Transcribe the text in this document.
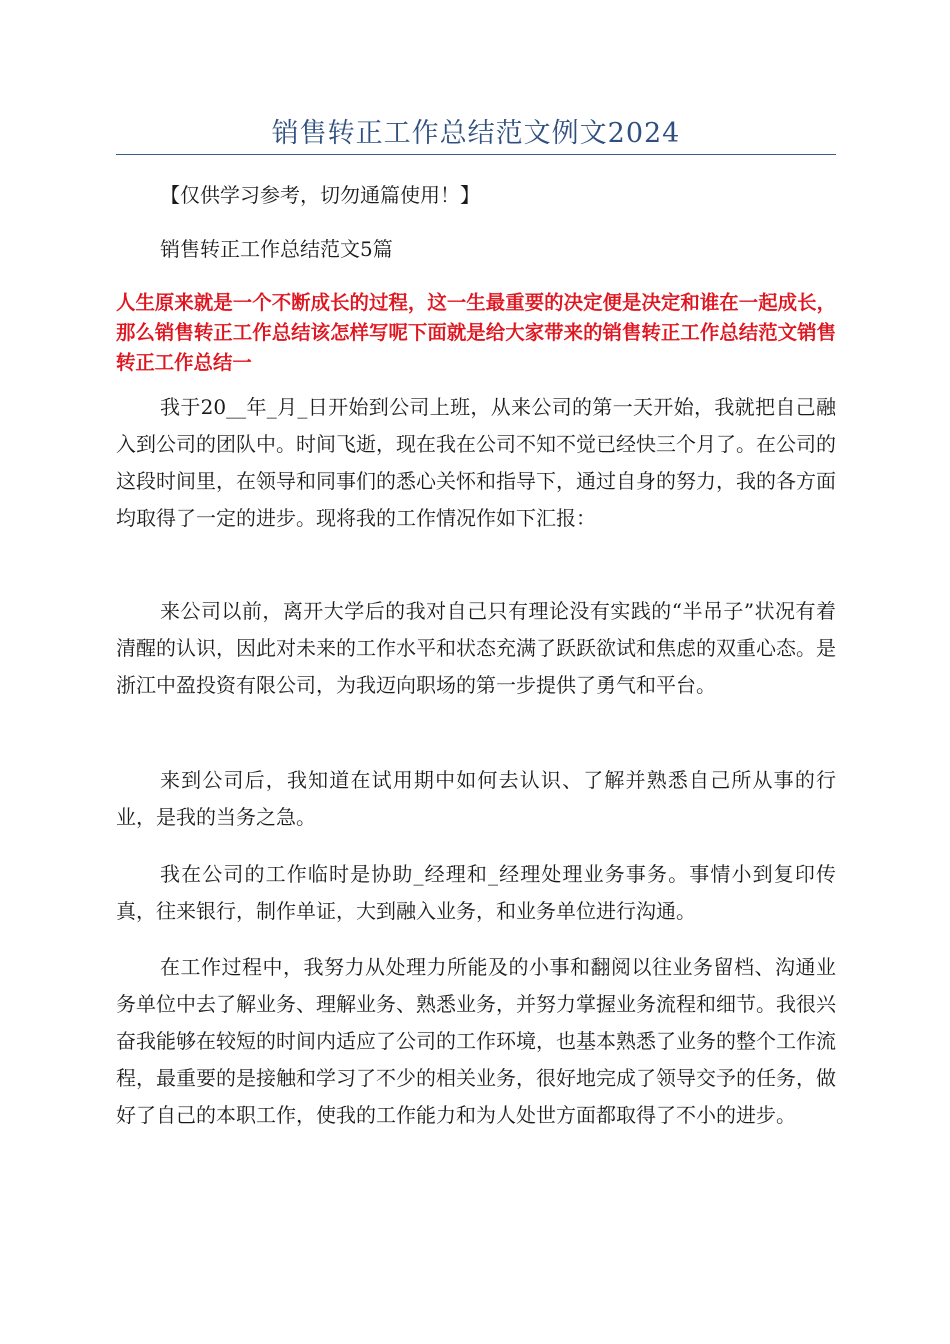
销售转正工作总结范文例文2024
【仅供学习参考，切勿通篇使用！】
销售转正工作总结范文5篇
人生原来就是一个不断成长的过程，这一生最重要的决定便是决定和谁在一起成长，那么销售转正工作总结该怎样写呢下面就是给大家带来的销售转正工作总结范文销售转正工作总结一

我于20__年_月_日开始到公司上班，从来公司的第一天开始，我就把自己融入到公司的团队中。时间飞逝，现在我在公司不知不觉已经快三个月了。在公司的这段时间里，在领导和同事们的悉心关怀和指导下，通过自身的努力，我的各方面均取得了一定的进步。现将我的工作情况作如下汇报：

来公司以前，离开大学后的我对自己只有理论没有实践的“半吊子”状况有着清醒的认识，因此对未来的工作水平和状态充满了跃跃欲试和焦虑的双重心态。是浙江中盈投资有限公司，为我迈向职场的第一步提供了勇气和平台。

来到公司后，我知道在试用期中如何去认识、了解并熟悉自己所从事的行业，是我的当务之急。

我在公司的工作临时是协助_经理和_经理处理业务事务。事情小到复印传真，往来银行，制作单证，大到融入业务，和业务单位进行沟通。

在工作过程中，我努力从处理力所能及的小事和翻阅以往业务留档、沟通业务单位中去了解业务、理解业务、熟悉业务，并努力掌握业务流程和细节。我很兴奋我能够在较短的时间内适应了公司的工作环境，也基本熟悉了业务的整个工作流程，最重要的是接触和学习了不少的相关业务，很好地完成了领导交予的任务，做好了自己的本职工作，使我的工作能力和为人处世方面都取得了不小的进步。
